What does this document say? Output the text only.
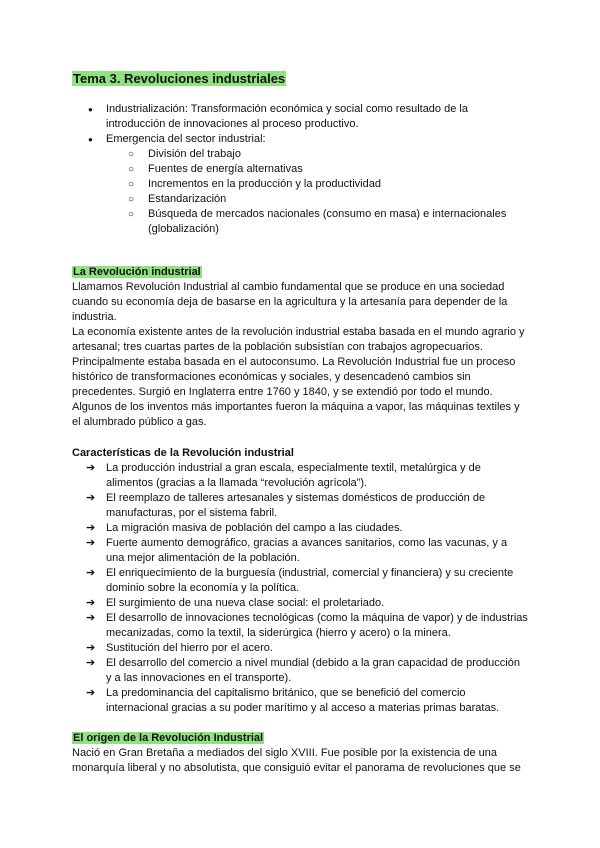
Tema 3. Revoluciones industriales
● Industrialización: Transformación económica y social como resultado de la introducción de innovaciones al proceso productivo.
● Emergencia del sector industrial:
○ División del trabajo
○ Fuentes de energía alternativas
○ Incrementos en la producción y la productividad
○ Estandarización
○ Búsqueda de mercados nacionales (consumo en masa) e internacionales (globalización)
La Revolución industrial

Llamamos Revolución Industrial al cambio fundamental que se produce en una sociedad cuando su economía deja de basarse en la agricultura y la artesanía para depender de la industria.

La economía existente antes de la revolución industrial estaba basada en el mundo agrario y artesanal; tres cuartas partes de la población subsistían con trabajos agropecuarios. Principalmente estaba basada en el autoconsumo. La Revolución Industrial fue un proceso histórico de transformaciones económicas y sociales, y desencadenó cambios sin precedentes. Surgió en Inglaterra entre 1760 y 1840, y se extendió por todo el mundo. Algunos de los inventos más importantes fueron la máquina a vapor, las máquinas textiles y el alumbrado público a gas.

Características de la Revolución industrial
➔ La producción industrial a gran escala, especialmente textil, metalúrgica y de alimentos (gracias a la llamada “revolución agrícola”).
➔ El reemplazo de talleres artesanales y sistemas domésticos de producción de manufacturas, por el sistema fabril.
➔ La migración masiva de población del campo a las ciudades.
➔ Fuerte aumento demográfico, gracias a avances sanitarios, como las vacunas, y a una mejor alimentación de la población.
➔ El enriquecimiento de la burguesía (industrial, comercial y financiera) y su creciente dominio sobre la economía y la política.
➔ El surgimiento de una nueva clase social: el proletariado.
➔ El desarrollo de innovaciones tecnológicas (como la máquina de vapor) y de industrias mecanizadas, como la textil, la siderúrgica (hierro y acero) o la minera.
➔ Sustitución del hierro por el acero.
➔ El desarrollo del comercio a nivel mundial (debido a la gran capacidad de producción y a las innovaciones en el transporte).
➔ La predominancia del capitalismo británico, que se benefició del comercio internacional gracias a su poder marítimo y al acceso a materias primas baratas.
El origen de la Revolución Industrial

Nació en Gran Bretaña a mediados del siglo XVIII. Fue posible por la existencia de una monarquía liberal y no absolutista, que consiguió evitar el panorama de revoluciones que se
